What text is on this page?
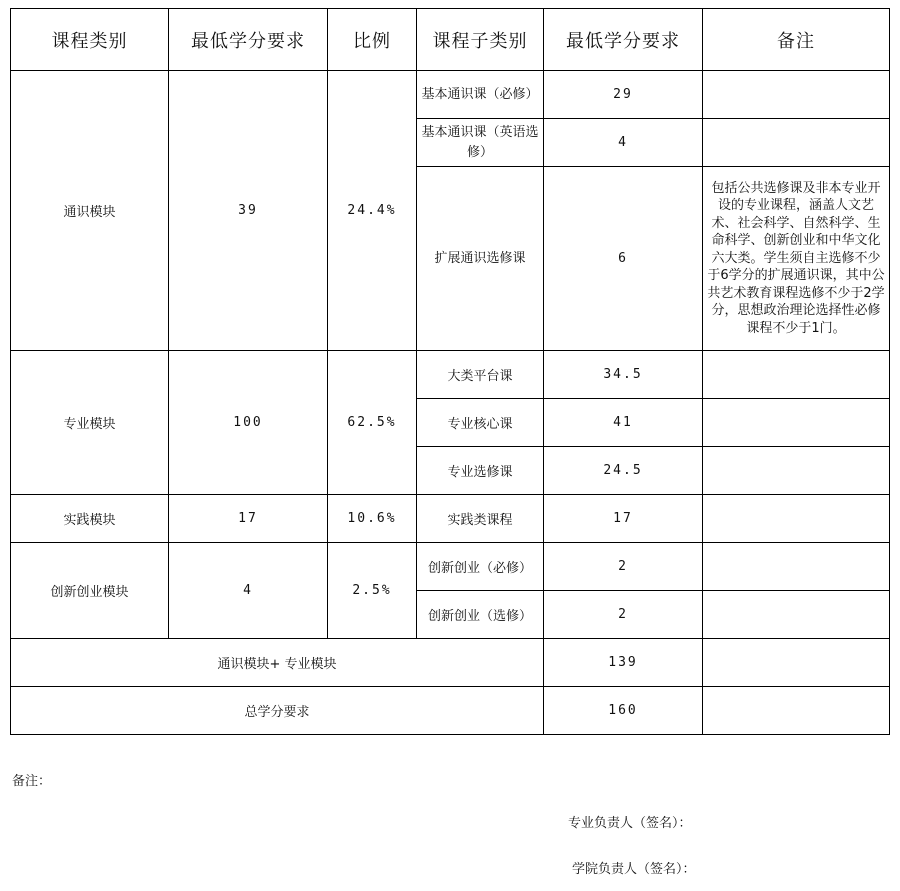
课程类别	最低学分要求	比例	课程子类别	最低学分要求	备注
通识模块	39	24.4%	基本通识课（必修）	29	
			基本通识课（英语选修）	4	
			扩展通识选修课	6	包括公共选修课及非本专业开设的专业课程，涵盖人文艺术、社会科学、自然科学、生命科学、创新创业和中华文化六大类。学生须自主选修不少于6学分的扩展通识课，其中公共艺术教育课程选修不少于2学分，思想政治理论选择性必修课程不少于1门。
专业模块	100	62.5%	大类平台课	34.5	
			专业核心课	41	
			专业选修课	24.5	
实践模块	17	10.6%	实践类课程	17	
创新创业模块	4	2.5%	创新创业（必修）	2	
			创新创业（选修）	2	
通识模块+ 专业模块				139	
总学分要求				160	
备注：
专业负责人（签名）：
学院负责人（签名）：
